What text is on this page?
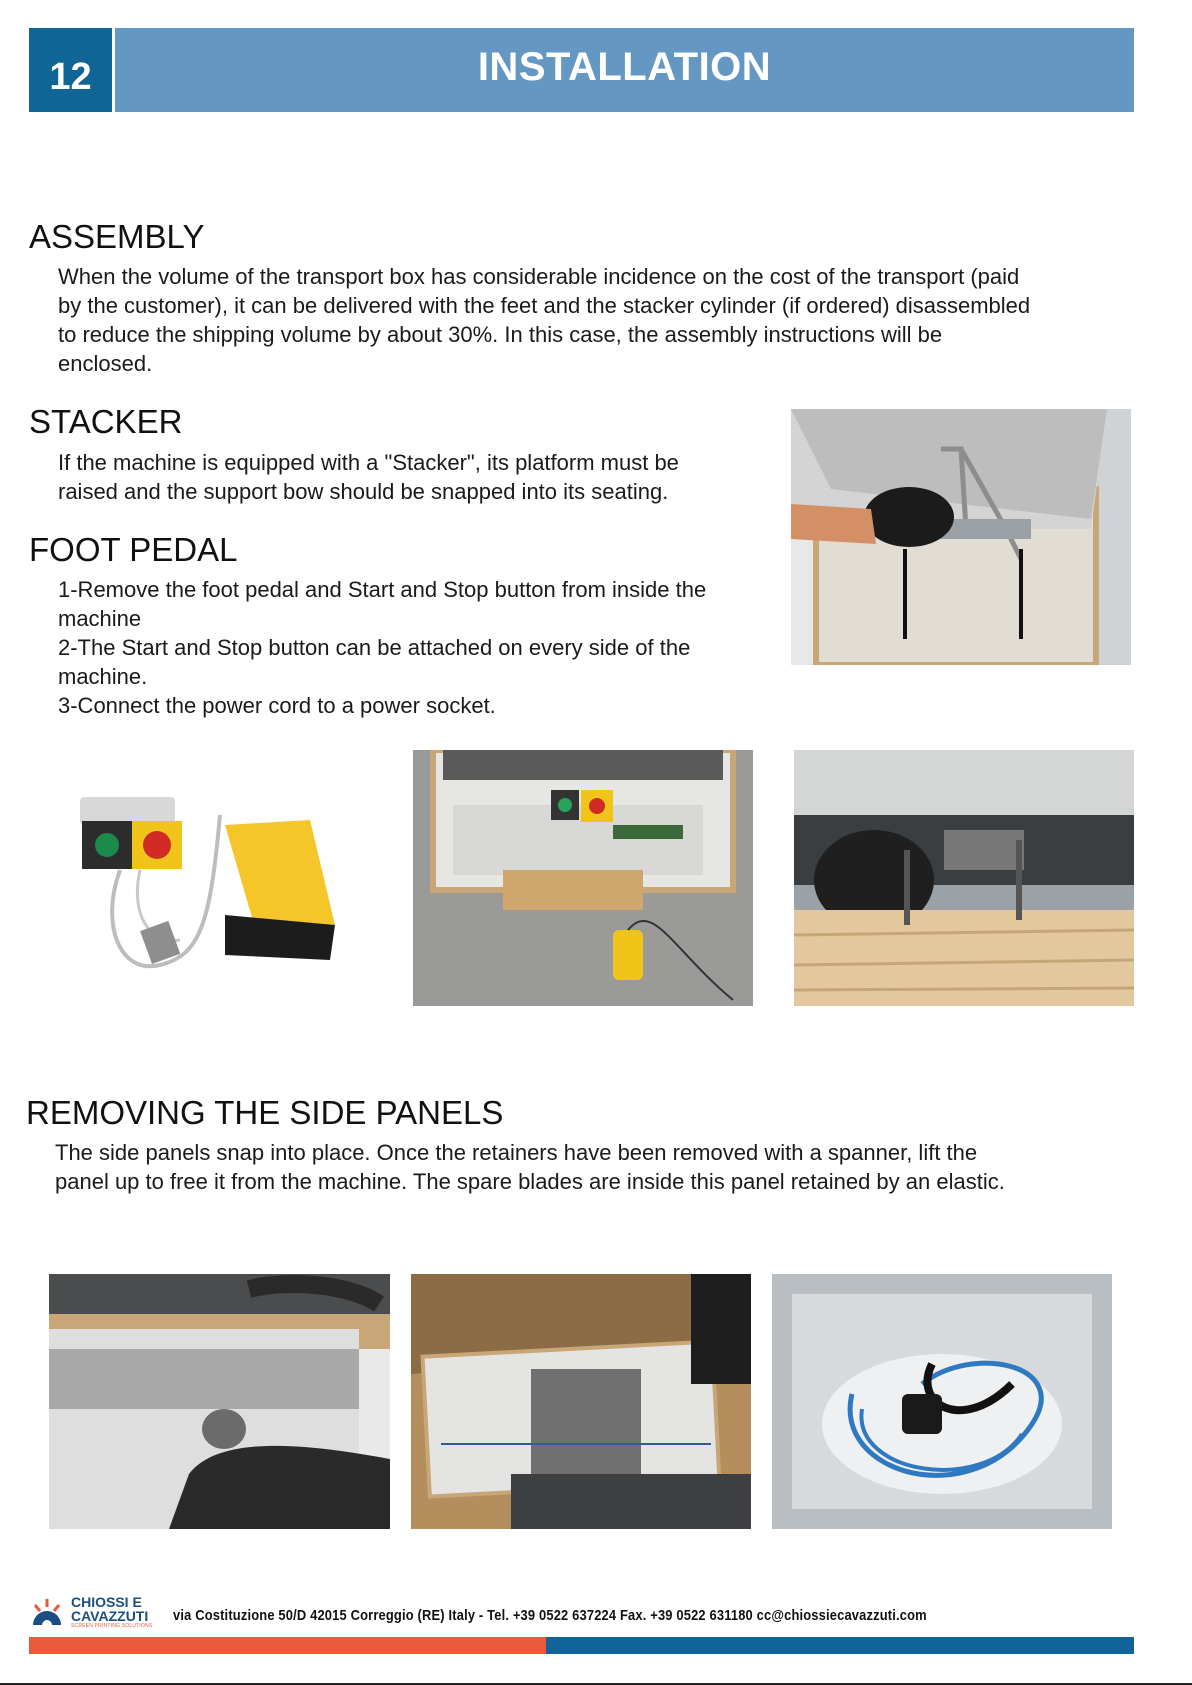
12	INSTALLATION
ASSEMBLY

When the volume of the transport box has considerable incidence on the cost of the transport (paid
by the customer), it can be delivered with the feet and the stacker cylinder (if ordered) disassembled
to reduce the shipping volume by about 30%. In this case, the assembly instructions will be
enclosed.

STACKER

If the machine is equipped with a "Stacker", its platform must be
raised and the support bow should be snapped into its seating.

FOOT PEDAL

1-Remove the foot pedal and Start and Stop button from inside the
machine
2-The Start and Stop button can be attached on every side of the
machine.
3-Connect the power cord to a power socket.

REMOVING THE SIDE PANELS

The side panels snap into place. Once the retainers have been removed with a spanner, lift the
panel up to free it from the machine. The spare blades are inside this panel retained by an elastic.

CHIOSSI E
CAVAZZUTI
SCREEN PRINTING SOLUTIONS
via Costituzione 50/D 42015 Correggio (RE) Italy - Tel. +39 0522 637224 Fax. +39 0522 631180 cc@chiossiecavazzuti.com
